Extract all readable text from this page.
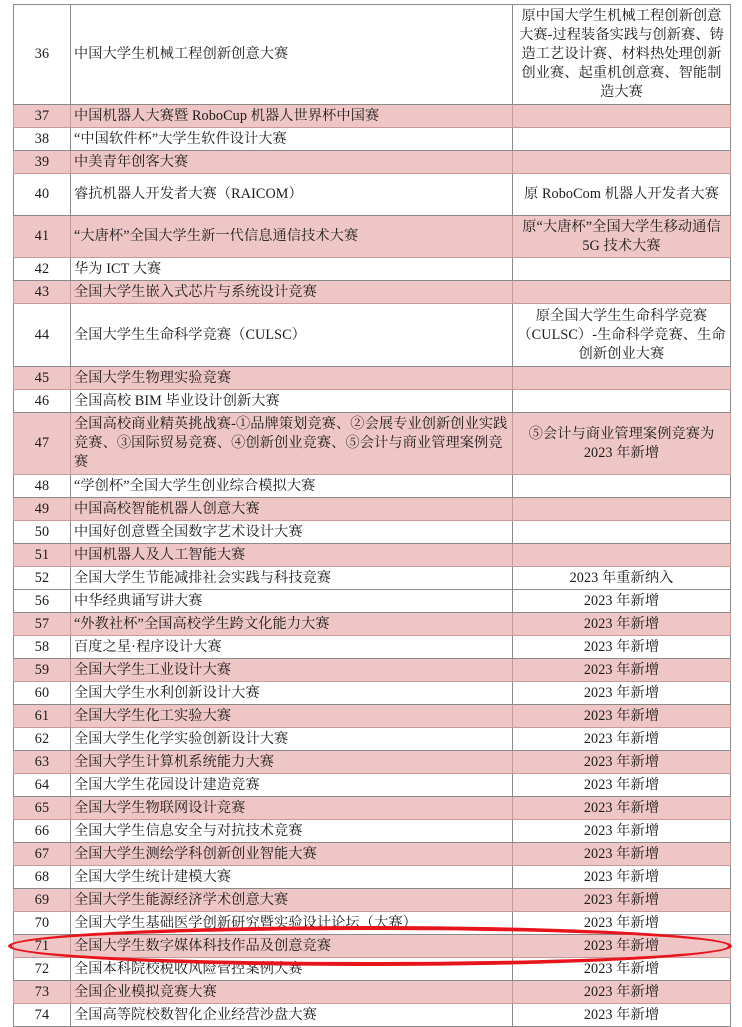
36	中国大学生机械工程创新创意大赛	原中国大学生机械工程创新创意大赛-过程装备实践与创新赛、铸造工艺设计赛、材料热处理创新创业赛、起重机创意赛、智能制造大赛
37	中国机器人大赛暨 RoboCup 机器人世界杯中国赛	
38	“中国软件杯”大学生软件设计大赛	
39	中美青年创客大赛	
40	睿抗机器人开发者大赛（RAICOM）	原 RoboCom 机器人开发者大赛
41	“大唐杯”全国大学生新一代信息通信技术大赛	原“大唐杯”全国大学生移动通信 5G 技术大赛
42	华为 ICT 大赛	
43	全国大学生嵌入式芯片与系统设计竞赛	
44	全国大学生生命科学竞赛（CULSC）	原全国大学生生命科学竞赛（CULSC）-生命科学竞赛、生命创新创业大赛
45	全国大学生物理实验竞赛	
46	全国高校 BIM 毕业设计创新大赛	
47	全国高校商业精英挑战赛-①品牌策划竞赛、②会展专业创新创业实践竞赛、③国际贸易竞赛、④创新创业竞赛、⑤会计与商业管理案例竞赛	⑤会计与商业管理案例竞赛为 2023 年新增
48	“学创杯”全国大学生创业综合模拟大赛	
49	中国高校智能机器人创意大赛	
50	中国好创意暨全国数字艺术设计大赛	
51	中国机器人及人工智能大赛	
52	全国大学生节能减排社会实践与科技竞赛	2023 年重新纳入
56	中华经典诵写讲大赛	2023 年新增
57	“外教社杯”全国高校学生跨文化能力大赛	2023 年新增
58	百度之星·程序设计大赛	2023 年新增
59	全国大学生工业设计大赛	2023 年新增
60	全国大学生水利创新设计大赛	2023 年新增
61	全国大学生化工实验大赛	2023 年新增
62	全国大学生化学实验创新设计大赛	2023 年新增
63	全国大学生计算机系统能力大赛	2023 年新增
64	全国大学生花园设计建造竞赛	2023 年新增
65	全国大学生物联网设计竞赛	2023 年新增
66	全国大学生信息安全与对抗技术竞赛	2023 年新增
67	全国大学生测绘学科创新创业智能大赛	2023 年新增
68	全国大学生统计建模大赛	2023 年新增
69	全国大学生能源经济学术创意大赛	2023 年新增
70	全国大学生基础医学创新研究暨实验设计论坛（大赛）	2023 年新增
71	全国大学生数字媒体科技作品及创意竞赛	2023 年新增
72	全国本科院校税收风险管控案例大赛	2023 年新增
73	全国企业模拟竞赛大赛	2023 年新增
74	全国高等院校数智化企业经营沙盘大赛	2023 年新增
